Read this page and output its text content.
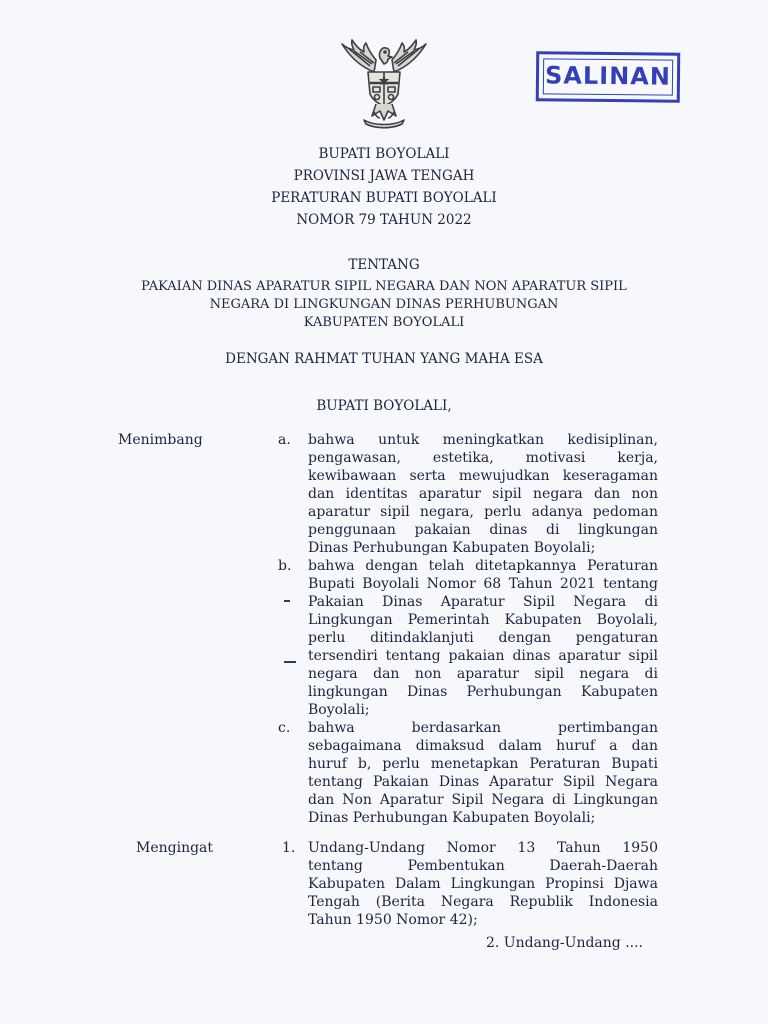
SALINAN
BUPATI BOYOLALI
PROVINSI JAWA TENGAH
PERATURAN BUPATI BOYOLALI
NOMOR 79 TAHUN 2022
TENTANG
PAKAIAN DINAS APARATUR SIPIL NEGARA DAN NON APARATUR SIPIL
NEGARA DI LINGKUNGAN DINAS PERHUBUNGAN
KABUPATEN BOYOLALI
DENGAN RAHMAT TUHAN YANG MAHA ESA
BUPATI BOYOLALI,
Menimbang	a. bahwa untuk meningkatkan kedisiplinan,
pengawasan, estetika, motivasi kerja,
kewibawaan serta mewujudkan keseragaman
dan identitas aparatur sipil negara dan non
aparatur sipil negara, perlu adanya pedoman
penggunaan pakaian dinas di lingkungan
Dinas Perhubungan Kabupaten Boyolali;
b. bahwa dengan telah ditetapkannya Peraturan
Bupati Boyolali Nomor 68 Tahun 2021 tentang
Pakaian Dinas Aparatur Sipil Negara di
Lingkungan Pemerintah Kabupaten Boyolali,
perlu ditindaklanjuti dengan pengaturan
tersendiri tentang pakaian dinas aparatur sipil
negara dan non aparatur sipil negara di
lingkungan Dinas Perhubungan Kabupaten
Boyolali;
c. bahwa berdasarkan pertimbangan
sebagaimana dimaksud dalam huruf a dan
huruf b, perlu menetapkan Peraturan Bupati
tentang Pakaian Dinas Aparatur Sipil Negara
dan Non Aparatur Sipil Negara di Lingkungan
Dinas Perhubungan Kabupaten Boyolali;
Mengingat	1. Undang-Undang Nomor 13 Tahun 1950
tentang Pembentukan Daerah-Daerah
Kabupaten Dalam Lingkungan Propinsi Djawa
Tengah (Berita Negara Republik Indonesia
Tahun 1950 Nomor 42);
2. Undang-Undang ....
